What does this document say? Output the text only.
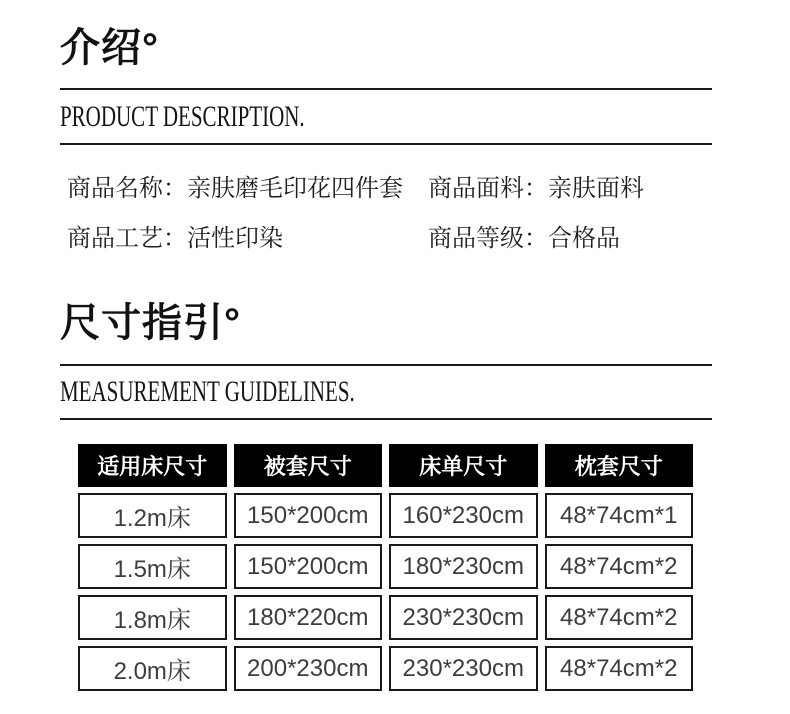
介绍°
PRODUCT DESCRIPTION.
商品名称：亲肤磨毛印花四件套 商品面料：亲肤面料
商品工艺：活性印染	商品等级：合格品
尺寸指引°
MEASUREMENT GUIDELINES.
适用床尺寸	被套尺寸	床单尺寸	枕套尺寸
1.2m床	150*200cm	160*230cm	48*74cm*1
1.5m床	150*200cm	180*230cm	48*74cm*2
1.8m床	180*220cm	230*230cm	48*74cm*2
2.0m床	200*230cm	230*230cm	48*74cm*2
